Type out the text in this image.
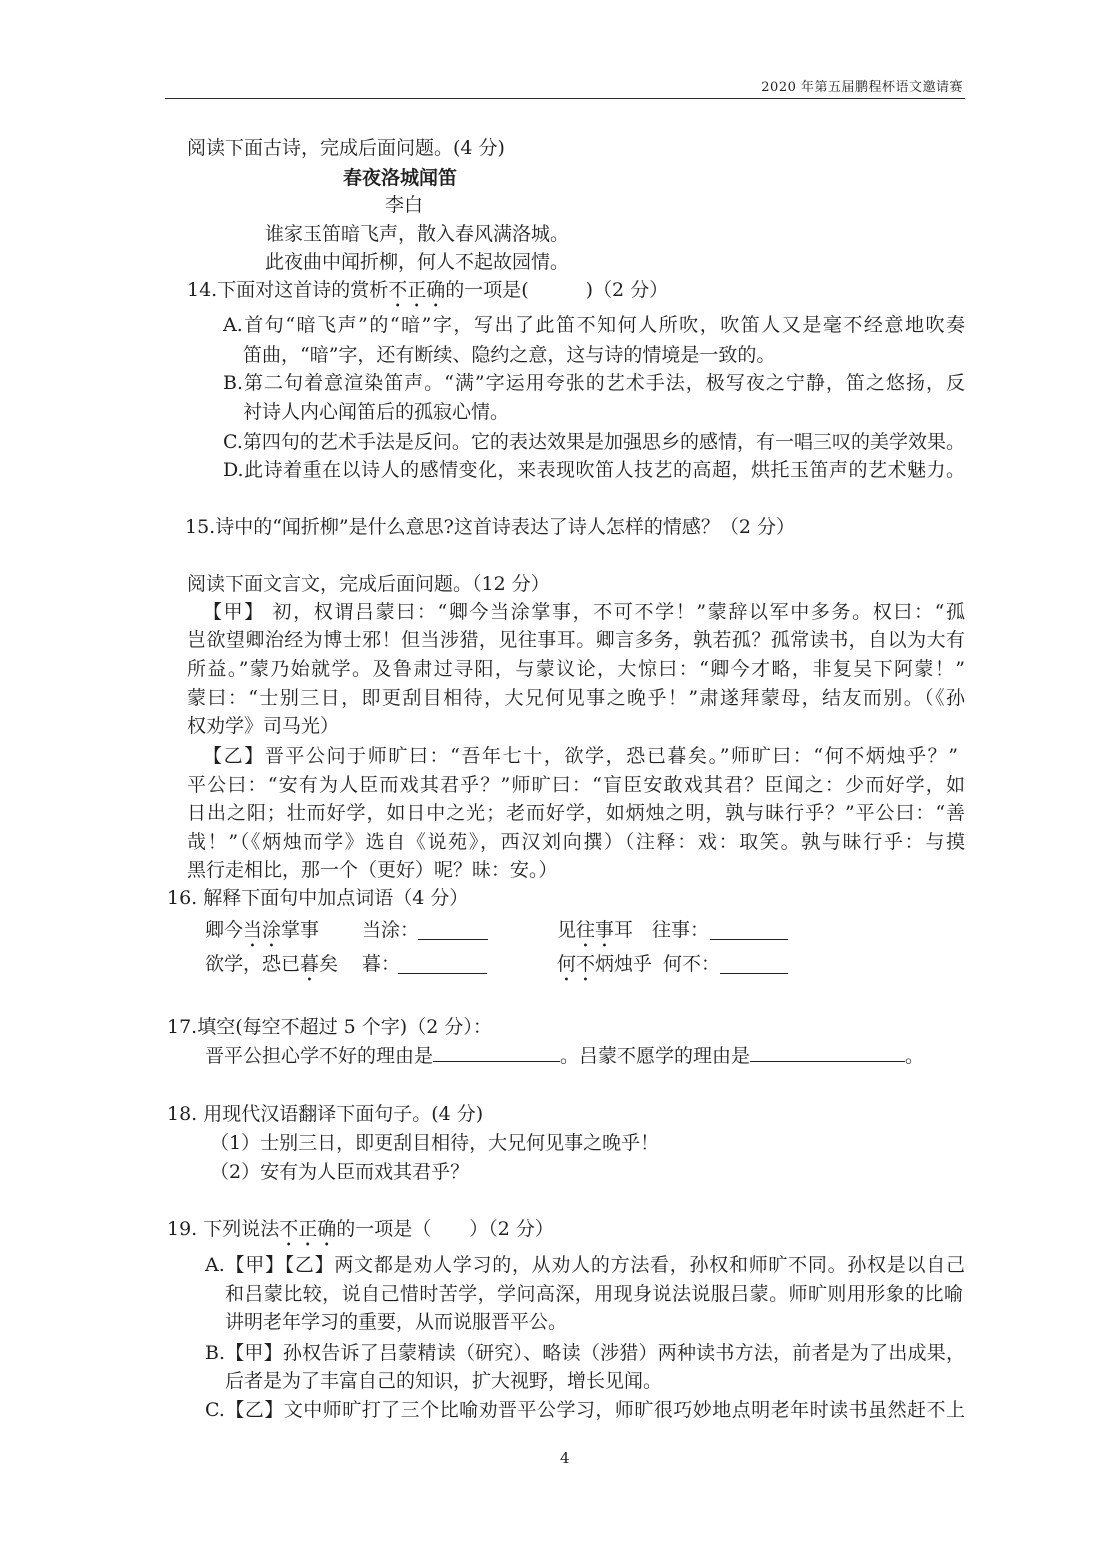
2020 年第五届鹏程杯语文邀请赛
阅读下面古诗，完成后面问题。(4 分)
春夜洛城闻笛
李白
谁家玉笛暗飞声，散入春风满洛城。
此夜曲中闻折柳，何人不起故园情。
14.下面对这首诗的赏析不正确的一项是(　　　)（2 分）
A.首句“暗飞声”的“暗”字，写出了此笛不知何人所吹，吹笛人又是毫不经意地吹奏
笛曲，“暗”字，还有断续、隐约之意，这与诗的情境是一致的。
B.第二句着意渲染笛声。“满”字运用夸张的艺术手法，极写夜之宁静，笛之悠扬，反
衬诗人内心闻笛后的孤寂心情。
C.第四句的艺术手法是反问。它的表达效果是加强思乡的感情，有一唱三叹的美学效果。
D.此诗着重在以诗人的感情变化，来表现吹笛人技艺的高超，烘托玉笛声的艺术魅力。
15.诗中的“闻折柳”是什么意思?这首诗表达了诗人怎样的情感？（2 分）
阅读下面文言文，完成后面问题。（12 分）
【甲】 初，权谓吕蒙曰：“卿今当涂掌事，不可不学！”蒙辞以军中多务。权曰：“孤
岂欲望卿治经为博士邪！但当涉猎，见往事耳。卿言多务，孰若孤？孤常读书，自以为大有
所益。”蒙乃始就学。及鲁肃过寻阳，与蒙议论，大惊曰：“卿今才略，非复吴下阿蒙！”
蒙曰：“士别三日，即更刮目相待，大兄何见事之晚乎！”肃遂拜蒙母，结友而别。（《孙
权劝学》司马光）
【乙】晋平公问于师旷曰：“吾年七十，欲学，恐已暮矣。”师旷曰：“何不炳烛乎？”
平公曰：“安有为人臣而戏其君乎？”师旷曰：“盲臣安敢戏其君？臣闻之：少而好学，如
日出之阳；壮而好学，如日中之光；老而好学，如炳烛之明，孰与昧行乎？”平公曰：“善
哉！”（《炳烛而学》选自《说苑》，西汉刘向撰）（注释：戏：取笑。孰与昧行乎：与摸
黑行走相比，那一个（更好）呢？昧：安。）
16. 解释下面句中加点词语（4 分）
卿今当涂掌事 当涂：	见往事耳 往事：
欲学，恐已暮矣 暮：	何不炳烛乎 何不：
17.填空(每空不超过 5 个字)（2 分）：
晋平公担心学不好的理由是	。吕蒙不愿学的理由是	。
18. 用现代汉语翻译下面句子。(4 分)
（1）士别三日，即更刮目相待，大兄何见事之晚乎！
（2）安有为人臣而戏其君乎？
19. 下列说法不正确的一项是（　　）（2 分）
A.【甲】【乙】两文都是劝人学习的，从劝人的方法看，孙权和师旷不同。孙权是以自己
和吕蒙比较，说自己惜时苦学，学问高深，用现身说法说服吕蒙。师旷则用形象的比喻
讲明老年学习的重要，从而说服晋平公。
B.【甲】孙权告诉了吕蒙精读（研究）、略读（涉猎）两种读书方法，前者是为了出成果，
后者是为了丰富自己的知识，扩大视野，增长见闻。
C.【乙】文中师旷打了三个比喻劝晋平公学习，师旷很巧妙地点明老年时读书虽然赶不上
4
